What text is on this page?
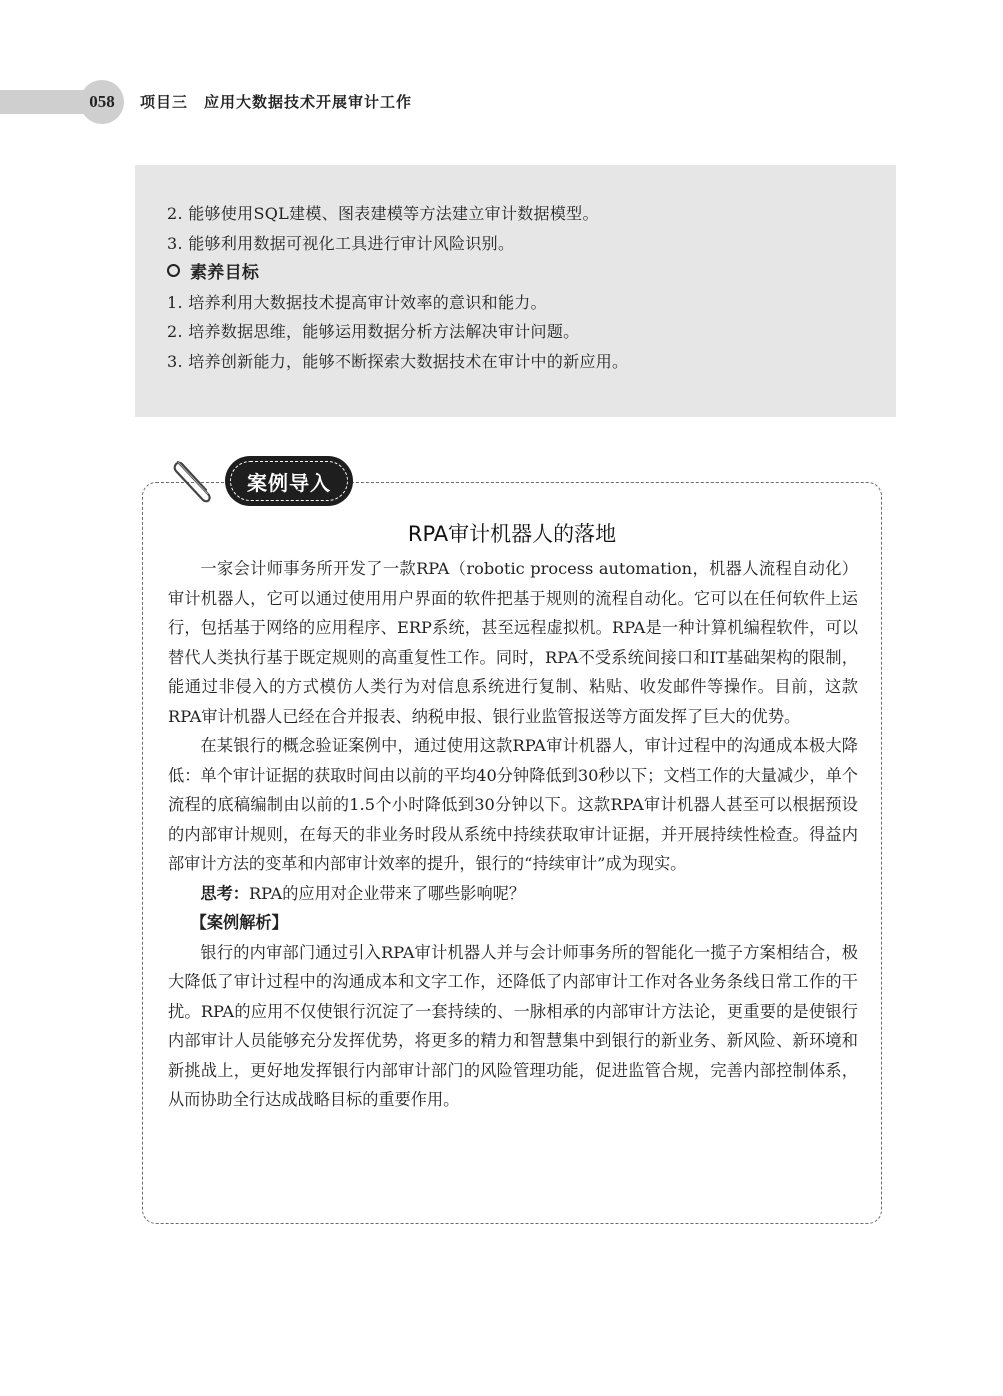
058	项目三　应用大数据技术开展审计工作
2. 能够使用SQL建模、图表建模等方法建立审计数据模型。
3. 能够利用数据可视化工具进行审计风险识别。
素养目标
1. 培养利用大数据技术提高审计效率的意识和能力。
2. 培养数据思维，能够运用数据分析方法解决审计问题。
3. 培养创新能力，能够不断探索大数据技术在审计中的新应用。
案例导入
RPA审计机器人的落地

一家会计师事务所开发了一款RPA（robotic process automation，机器人流程自动化）审计机器人，它可以通过使用用户界面的软件把基于规则的流程自动化。它可以在任何软件上运行，包括基于网络的应用程序、ERP系统，甚至远程虚拟机。RPA是一种计算机编程软件，可以替代人类执行基于既定规则的高重复性工作。同时，RPA不受系统间接口和IT基础架构的限制，能通过非侵入的方式模仿人类行为对信息系统进行复制、粘贴、收发邮件等操作。目前，这款RPA审计机器人已经在合并报表、纳税申报、银行业监管报送等方面发挥了巨大的优势。

在某银行的概念验证案例中，通过使用这款RPA审计机器人，审计过程中的沟通成本极大降低：单个审计证据的获取时间由以前的平均40分钟降低到30秒以下；文档工作的大量减少，单个流程的底稿编制由以前的1.5个小时降低到30分钟以下。这款RPA审计机器人甚至可以根据预设的内部审计规则，在每天的非业务时段从系统中持续获取审计证据，并开展持续性检查。得益内部审计方法的变革和内部审计效率的提升，银行的“持续审计”成为现实。

思考：RPA的应用对企业带来了哪些影响呢？

【案例解析】

银行的内审部门通过引入RPA审计机器人并与会计师事务所的智能化一揽子方案相结合，极大降低了审计过程中的沟通成本和文字工作，还降低了内部审计工作对各业务条线日常工作的干扰。RPA的应用不仅使银行沉淀了一套持续的、一脉相承的内部审计方法论，更重要的是使银行内部审计人员能够充分发挥优势，将更多的精力和智慧集中到银行的新业务、新风险、新环境和新挑战上，更好地发挥银行内部审计部门的风险管理功能，促进监管合规，完善内部控制体系，从而协助全行达成战略目标的重要作用。
